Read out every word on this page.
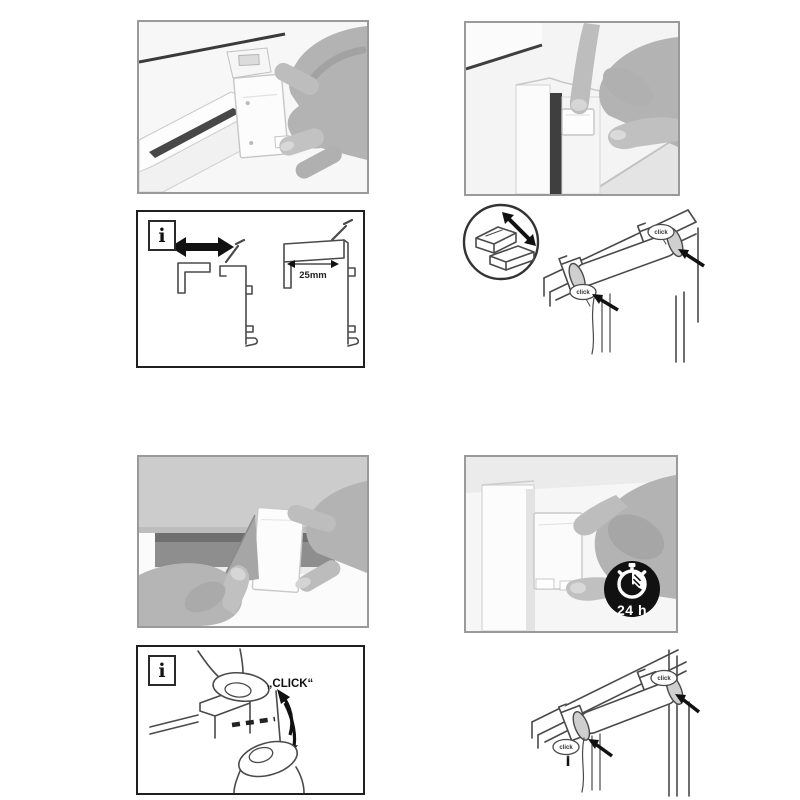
i
25mm
click
click
i
„CLICK“
24 h
click
click
